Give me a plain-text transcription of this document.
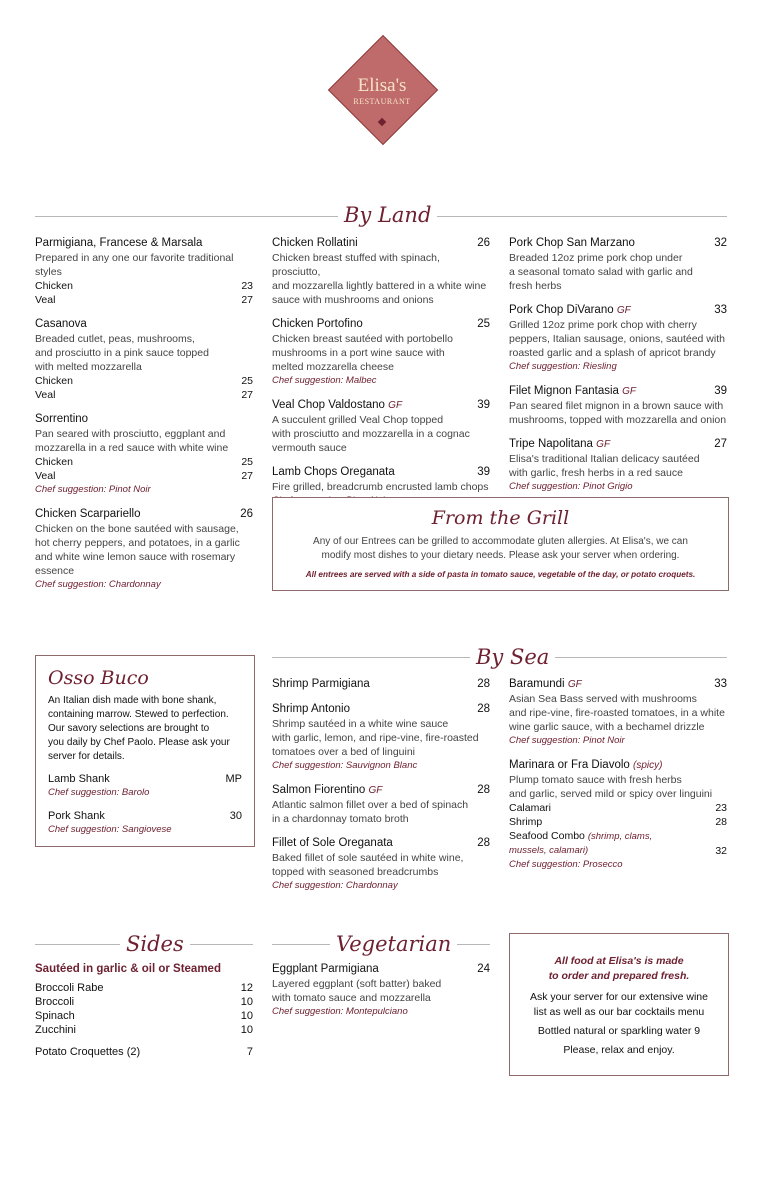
Elisa's
RESTAURANT
By Land
Parmigiana, Francese & Marsala
Prepared in any one our favorite traditional styles
Chicken	23
Veal	27
Casanova
Breaded cutlet, peas, mushrooms,
and prosciutto in a pink sauce topped
with melted mozzarella
Chicken	25
Veal	27
Sorrentino
Pan seared with prosciutto, eggplant and
mozzarella in a red sauce with white wine
Chicken	25
Veal	27
Chef suggestion: Pinot Noir
Chicken Scarpariello	26
Chicken on the bone sautéed with sausage,
hot cherry peppers, and potatoes, in a garlic
and white wine lemon sauce with rosemary
essence
Chef suggestion: Chardonnay
Chicken Rollatini	26
Chicken breast stuffed with spinach, prosciutto,
and mozzarella lightly battered in a white wine
sauce with mushrooms and onions
Chicken Portofino	25
Chicken breast sautéed with portobello
mushrooms in a port wine sauce with
melted mozzarella cheese
Chef suggestion: Malbec
Veal Chop Valdostano GF	39
A succulent grilled Veal Chop topped
with prosciutto and mozzarella in a cognac
vermouth sauce
Lamb Chops Oreganata	39
Fire grilled, breadcrumb encrusted lamb chops
Pork Chop San Marzano	32
Breaded 12oz prime pork chop under
a seasonal tomato salad with garlic and
fresh herbs
Pork Chop DiVarano GF	33
Grilled 12oz prime pork chop with cherry
peppers, Italian sausage, onions, sautéed with
roasted garlic and a splash of apricot brandy
Chef suggestion: Riesling
Filet Mignon Fantasia GF	39
Pan seared filet mignon in a brown sauce with
mushrooms, topped with mozzarella and onion
Tripe Napolitana GF	27
Elisa's traditional Italian delicacy sautéed
with garlic, fresh herbs in a red sauce
Chef suggestion: Pinot Grigio
From the Grill
Any of our Entrees can be grilled to accommodate gluten allergies. At Elisa's, we can
modify most dishes to your dietary needs. Please ask your server when ordering.
All entrees are served with a side of pasta in tomato sauce, vegetable of the day, or potato croquets.
Osso Buco
An Italian dish made with bone shank,
containing marrow. Stewed to perfection.
Our savory selections are brought to
you daily by Chef Paolo. Please ask your
server for details.
Lamb Shank	MP
Chef suggestion: Barolo
Pork Shank	30
Chef suggestion: Sangiovese
By Sea
Shrimp Parmigiana	28
Shrimp Antonio	28
Shrimp sautéed in a white wine sauce
with garlic, lemon, and ripe-vine, fire-roasted
tomatoes over a bed of linguini
Chef suggestion: Sauvignon Blanc
Salmon Fiorentino GF	28
Atlantic salmon fillet over a bed of spinach
in a chardonnay tomato broth
Fillet of Sole Oreganata	28
Baked fillet of sole sautéed in white wine,
topped with seasoned breadcrumbs
Chef suggestion: Chardonnay
Baramundi GF	33
Asian Sea Bass served with mushrooms
and ripe-vine, fire-roasted tomatoes, in a white
wine garlic sauce, with a bechamel drizzle
Chef suggestion: Pinot Noir
Marinara or Fra Diavolo (spicy)
Plump tomato sauce with fresh herbs
and garlic, served mild or spicy over linguini
Calamari	23
Shrimp	28
Seafood Combo (shrimp, clams,
mussels, calamari)	32
Chef suggestion: Prosecco
Sides
Sautéed in garlic & oil or Steamed
Broccoli Rabe	12
Broccoli	10
Spinach	10
Zucchini	10
Potato Croquettes (2)	7
Vegetarian
Eggplant Parmigiana	24
Layered eggplant (soft batter) baked
with tomato sauce and mozzarella
Chef suggestion: Montepulciano
All food at Elisa's is made
to order and prepared fresh.
Ask your server for our extensive wine
list as well as our bar cocktails menu
Bottled natural or sparkling water 9
Please, relax and enjoy.
